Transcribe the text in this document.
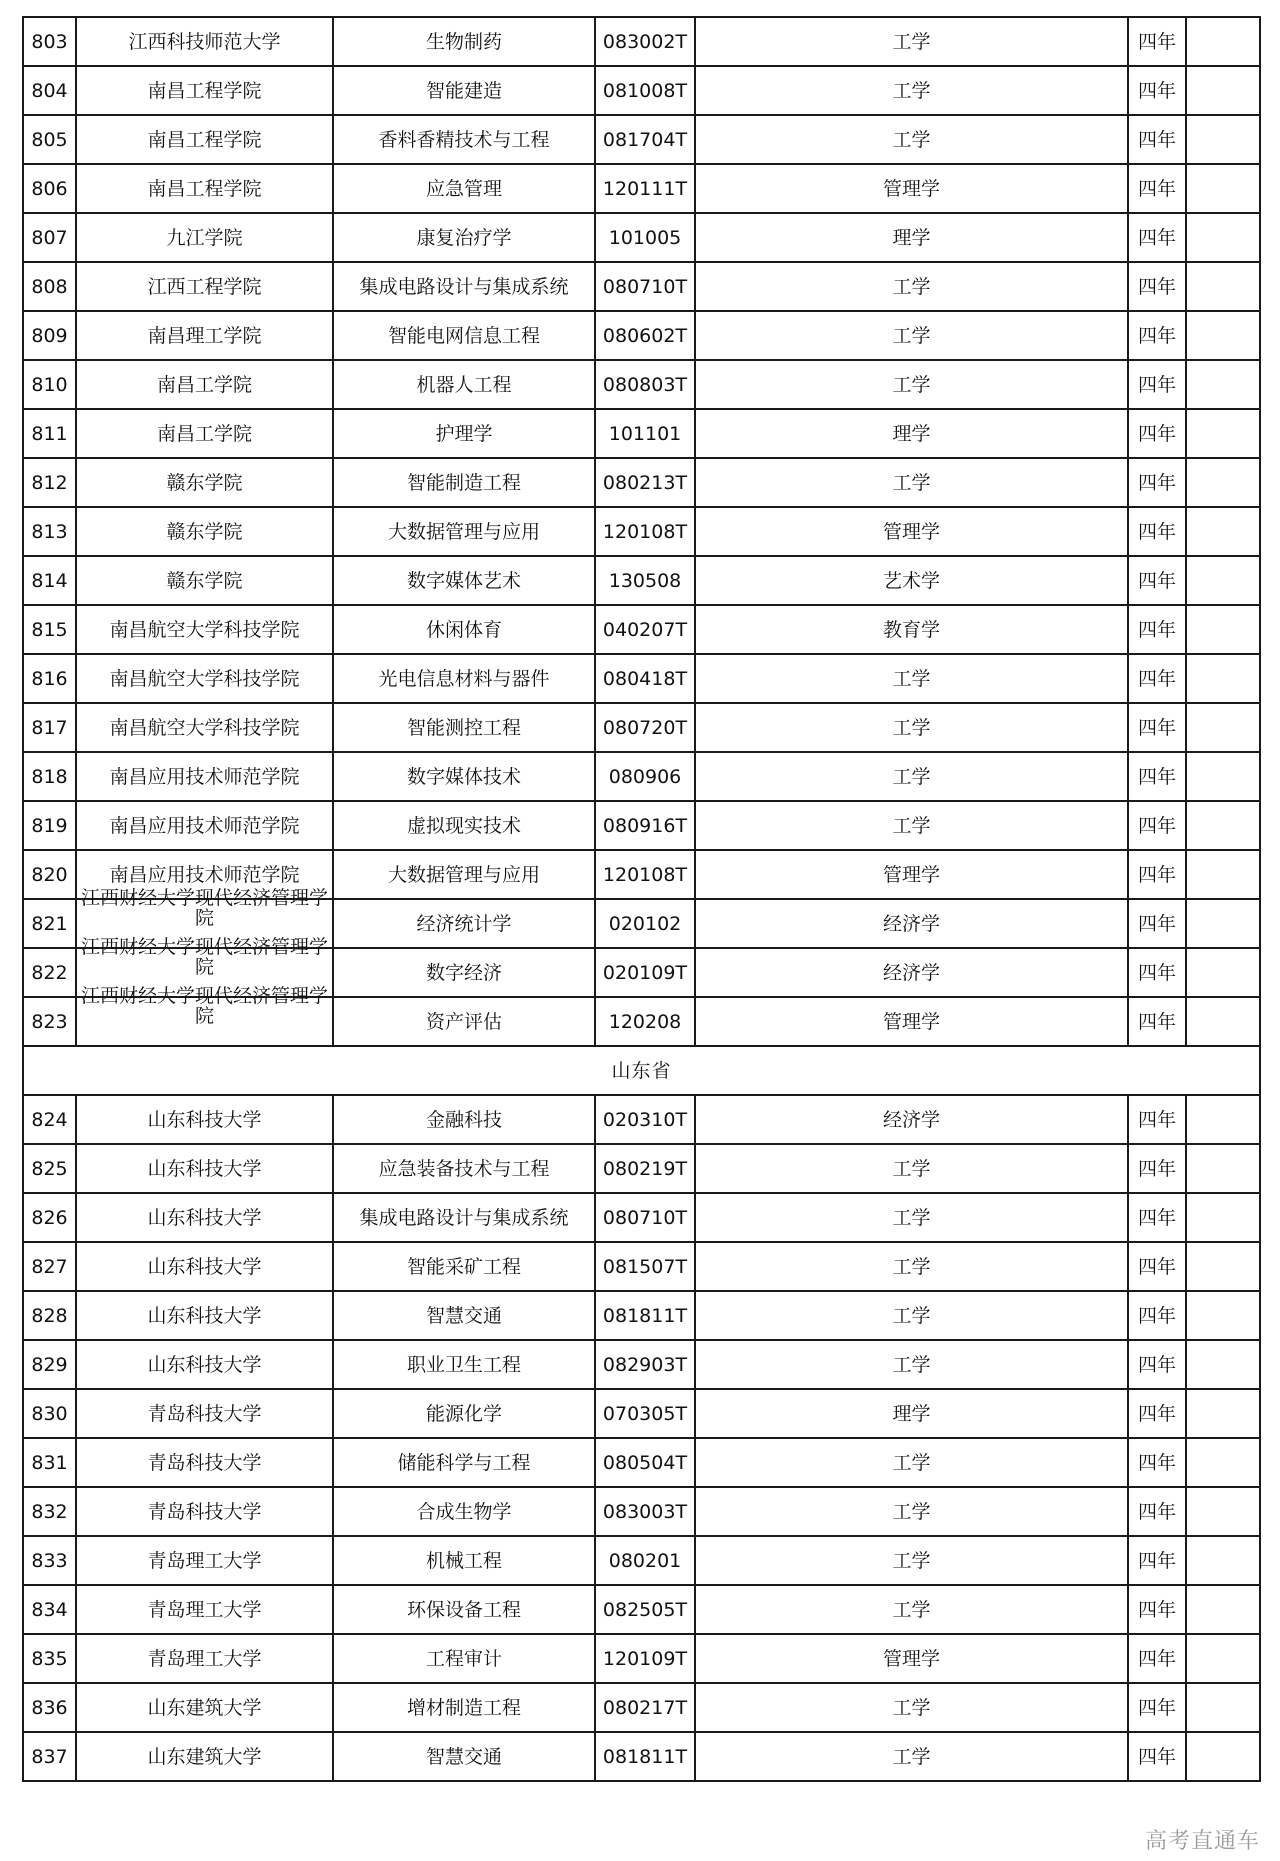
803	江西科技师范大学	生物制药	083002T	工学	四年	
804	南昌工程学院	智能建造	081008T	工学	四年	
805	南昌工程学院	香料香精技术与工程	081704T	工学	四年	
806	南昌工程学院	应急管理	120111T	管理学	四年	
807	九江学院	康复治疗学	101005	理学	四年	
808	江西工程学院	集成电路设计与集成系统	080710T	工学	四年	
809	南昌理工学院	智能电网信息工程	080602T	工学	四年	
810	南昌工学院	机器人工程	080803T	工学	四年	
811	南昌工学院	护理学	101101	理学	四年	
812	赣东学院	智能制造工程	080213T	工学	四年	
813	赣东学院	大数据管理与应用	120108T	管理学	四年	
814	赣东学院	数字媒体艺术	130508	艺术学	四年	
815	南昌航空大学科技学院	休闲体育	040207T	教育学	四年	
816	南昌航空大学科技学院	光电信息材料与器件	080418T	工学	四年	
817	南昌航空大学科技学院	智能测控工程	080720T	工学	四年	
818	南昌应用技术师范学院	数字媒体技术	080906	工学	四年	
819	南昌应用技术师范学院	虚拟现实技术	080916T	工学	四年	
820	南昌应用技术师范学院	大数据管理与应用	120108T	管理学	四年	
821	江西财经大学现代经济管理学院	经济统计学	020102	经济学	四年	
822	江西财经大学现代经济管理学院	数字经济	020109T	经济学	四年	
823	江西财经大学现代经济管理学院	资产评估	120208	管理学	四年	
山东省						
824	山东科技大学	金融科技	020310T	经济学	四年	
825	山东科技大学	应急装备技术与工程	080219T	工学	四年	
826	山东科技大学	集成电路设计与集成系统	080710T	工学	四年	
827	山东科技大学	智能采矿工程	081507T	工学	四年	
828	山东科技大学	智慧交通	081811T	工学	四年	
829	山东科技大学	职业卫生工程	082903T	工学	四年	
830	青岛科技大学	能源化学	070305T	理学	四年	
831	青岛科技大学	储能科学与工程	080504T	工学	四年	
832	青岛科技大学	合成生物学	083003T	工学	四年	
833	青岛理工大学	机械工程	080201	工学	四年	
834	青岛理工大学	环保设备工程	082505T	工学	四年	
835	青岛理工大学	工程审计	120109T	管理学	四年	
836	山东建筑大学	增材制造工程	080217T	工学	四年	
837	山东建筑大学	智慧交通	081811T	工学	四年	
高考直通车
